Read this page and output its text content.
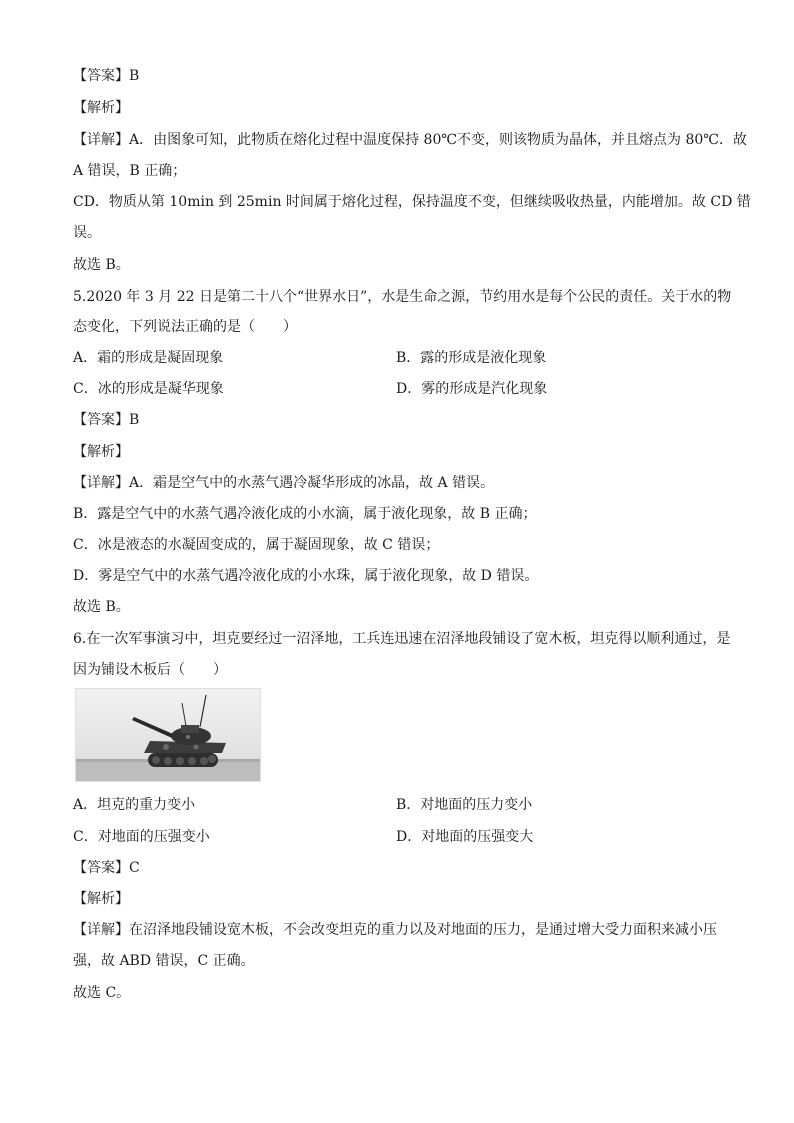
【答案】B
【解析】
【详解】A．由图象可知，此物质在熔化过程中温度保持 80℃不变，则该物质为晶体，并且熔点为 80℃．故
A 错误，B 正确；
CD．物质从第 10min 到 25min 时间属于熔化过程，保持温度不变，但继续吸收热量，内能增加。故 CD 错
误。
故选 B。
5.2020 年 3 月 22 日是第二十八个“世界水日”，水是生命之源，节约用水是每个公民的责任。关于水的物
态变化，下列说法正确的是（　　）
A．霜的形成是凝固现象	B．露的形成是液化现象
C．冰的形成是凝华现象	D．雾的形成是汽化现象
【答案】B
【解析】
【详解】A．霜是空气中的水蒸气遇冷凝华形成的冰晶，故 A 错误。
B．露是空气中的水蒸气遇冷液化成的小水滴，属于液化现象，故 B 正确；
C．冰是液态的水凝固变成的，属于凝固现象，故 C 错误；
D．雾是空气中的水蒸气遇冷液化成的小水珠，属于液化现象，故 D 错误。
故选 B。
6.在一次军事演习中，坦克要经过一沼泽地，工兵连迅速在沼泽地段铺设了宽木板，坦克得以顺利通过，是
因为铺设木板后（　　）
A．坦克的重力变小	B．对地面的压力变小
C．对地面的压强变小	D．对地面的压强变大
【答案】C
【解析】
【详解】在沼泽地段铺设宽木板，不会改变坦克的重力以及对地面的压力，是通过增大受力面积来减小压
强，故 ABD 错误，C 正确。
故选 C。
